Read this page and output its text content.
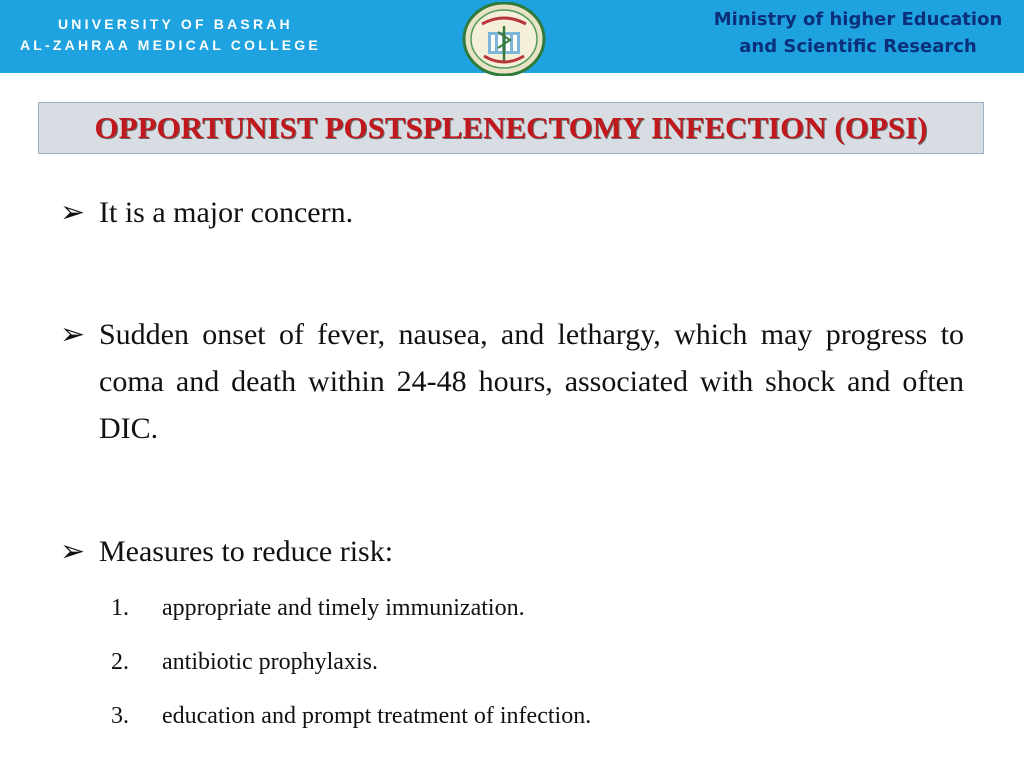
UNIVERSITY OF BASRAH
AL-ZAHRAA MEDICAL COLLEGE
Ministry of higher Education
and Scientific Research
OPPORTUNIST POSTSPLENECTOMY INFECTION (OPSI)
➢ It is a major concern.
➢ Sudden onset of fever, nausea, and lethargy, which may progress to coma and death within 24-48 hours, associated with shock and often DIC.
➢ Measures to reduce risk:
1. appropriate and timely immunization.
2. antibiotic prophylaxis.
3. education and prompt treatment of infection.
